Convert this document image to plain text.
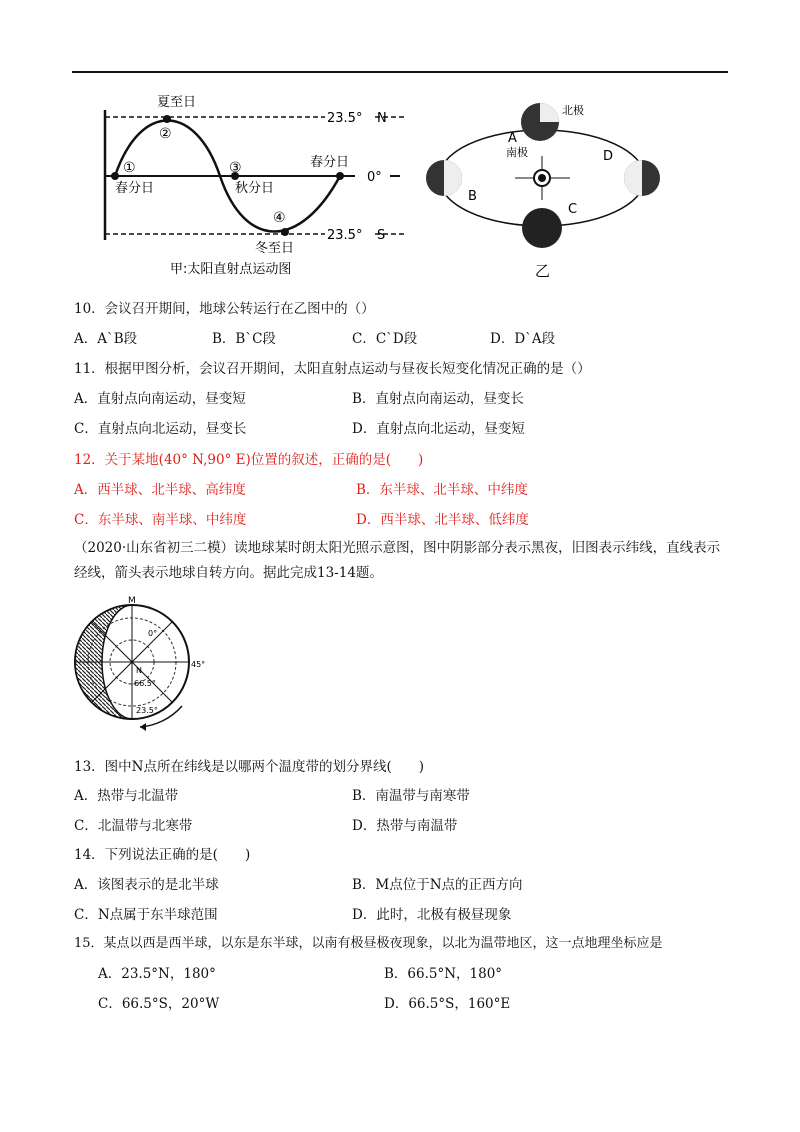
夏至日
②
①
春分日
③
秋分日
春分日
④
冬至日
23.5° N
0°
23.5° S
甲:太阳直射点运动图
北极
A
南极
B
C
D
乙
10．会议召开期间，地球公转运行在乙图中的（）
A．A`B段	B．B`C段	C．C`D段	D．D`A段
11．根据甲图分析，会议召开期间，太阳直射点运动与昼夜长短变化情况正确的是（）
A．直射点向南运动，昼变短	B．直射点向南运动，昼变长
C．直射点向北运动，昼变长	D．直射点向北运动，昼变短
12．关于某地(40° N,90° E)位置的叙述，正确的是(　　)
A．西半球、北半球、高纬度	B．东半球、北半球、中纬度
C．东半球、南半球、中纬度	D．西半球、北半球、低纬度
（2020·山东省初三二模）读地球某时朗太阳光照示意图，图中阴影部分表示黑夜，旧图表示纬线，直线表示经线，箭头表示地球自转方向。据此完成13-14题。
M
N
0°
45°
66.5°
23.5°
13．图中N点所在纬线是以哪两个温度带的划分界线(　　)
A．热带与北温带	B．南温带与南寒带
C．北温带与北寒带	D．热带与南温带
14．下列说法正确的是(　　)
A．该图表示的是北半球	B．M点位于N点的正西方向
C．N点属于东半球范围	D．此时，北极有极昼现象
15．某点以西是西半球，以东是东半球，以南有极昼极夜现象，以北为温带地区，这一点地理坐标应是
A．23.5°N，180°	B．66.5°N，180°
C．66.5°S，20°W	D．66.5°S，160°E
